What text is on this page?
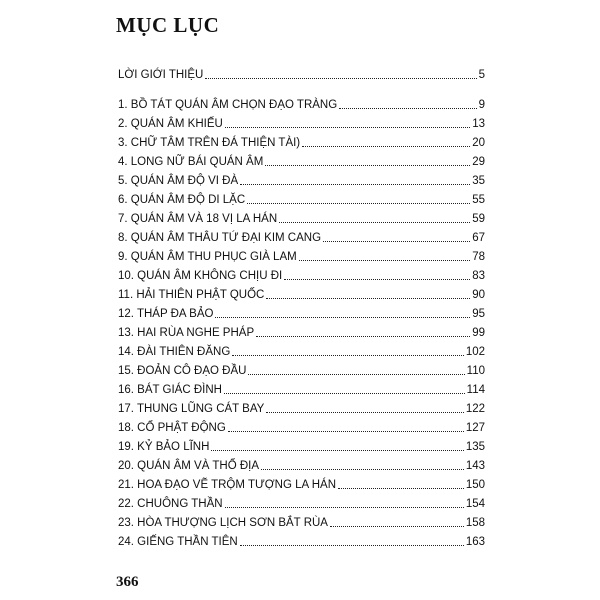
MỤC LỤC
LỜI GIỚI THIỆU	5
1. BỒ TÁT QUÁN ÂM CHỌN ĐẠO TRÀNG	9
2. QUÁN ÂM KHIẾU	13
3. CHỮ TÂM TRÊN ĐÁ THIỆN TÀI)	20
4. LONG NỮ BÁI QUÁN ÂM	29
5. QUÁN ÂM ĐỘ VI ĐÀ	35
6. QUÁN ÂM ĐỘ DI LẶC	55
7. QUÁN ÂM VÀ 18 VỊ LA HÁN	59
8. QUÁN ÂM THÂU TỨ ĐẠI KIM CANG	67
9. QUÁN ÂM THU PHỤC GIÀ LAM	78
10. QUÁN ÂM KHÔNG CHỊU ĐI	83
11. HẢI THIÊN PHẬT QUỐC	90
12. THÁP ĐA BẢO	95
13. HAI RÙA NGHE PHÁP	99
14. ĐÀI THIÊN ĐĂNG	102
15. ĐOẢN CÔ ĐẠO ĐẦU	110
16. BÁT GIÁC ĐÌNH	114
17. THUNG LŨNG CÁT BAY	122
18. CỔ PHẬT ĐỘNG	127
19. KỶ BẢO LĨNH	135
20. QUÁN ÂM VÀ THỔ ĐỊA	143
21. HOA ĐẠO VẼ TRỘM TƯỢNG LA HÁN	150
22. CHUÔNG THẦN	154
23. HÒA THƯỢNG LỊCH SƠN BẮT RÙA	158
24. GIẾNG THẦN TIÊN	163
366
